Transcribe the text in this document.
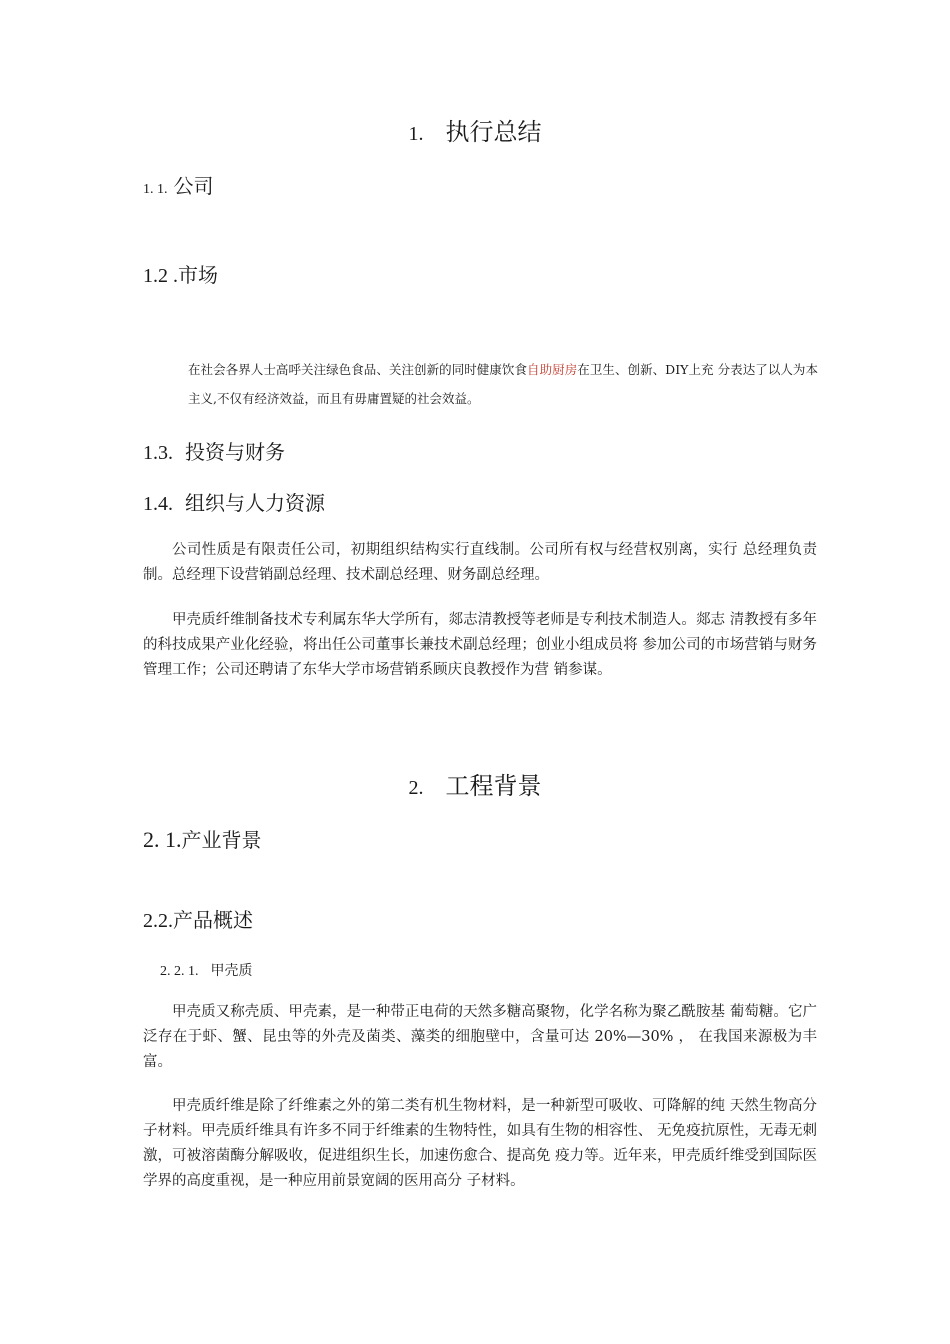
1. 执行总结
1. 1. 公司
1.2 .市场

在社会各界人士高呼关注绿色食品、关注创新的同时健康饮食自助厨房在卫生、创新、DIY上充 分表达了以人为本主义,不仅有经济效益，而且有毋庸置疑的社会效益。

1.3. 投资与财务
1.4. 组织与人力资源

公司性质是有限责任公司，初期组织结构实行直线制。公司所有权与经营权别离，实行 总经理负责制。总经理下设营销副总经理、技术副总经理、财务副总经理。

甲壳质纤维制备技术专利属东华大学所有，郯志清教授等老师是专利技术制造人。郯志 清教授有多年的科技成果产业化经验，将出任公司董事长兼技术副总经理；创业小组成员将 参加公司的市场营销与财务管理工作；公司还聘请了东华大学市场营销系顾庆良教授作为营 销参谋。

2. 工程背景
2. 1.产业背景
2.2.产品概述
2. 2. 1. 甲壳质

甲壳质又称壳质、甲壳素，是一种带正电荷的天然多糖高聚物，化学名称为聚乙酰胺基 葡萄糖。它广泛存在于虾、蟹、昆虫等的外壳及菌类、藻类的细胞壁中，含量可达 20%—30% ， 在我国来源极为丰富。

甲壳质纤维是除了纤维素之外的第二类有机生物材料，是一种新型可吸收、可降解的纯 天然生物高分子材料。甲壳质纤维具有许多不同于纤维素的生物特性，如具有生物的相容性、 无免疫抗原性，无毒无刺激，可被溶菌酶分解吸收，促进组织生长，加速伤愈合、提高免 疫力等。近年来，甲壳质纤维受到国际医学界的高度重视，是一种应用前景宽阔的医用高分 子材料。
